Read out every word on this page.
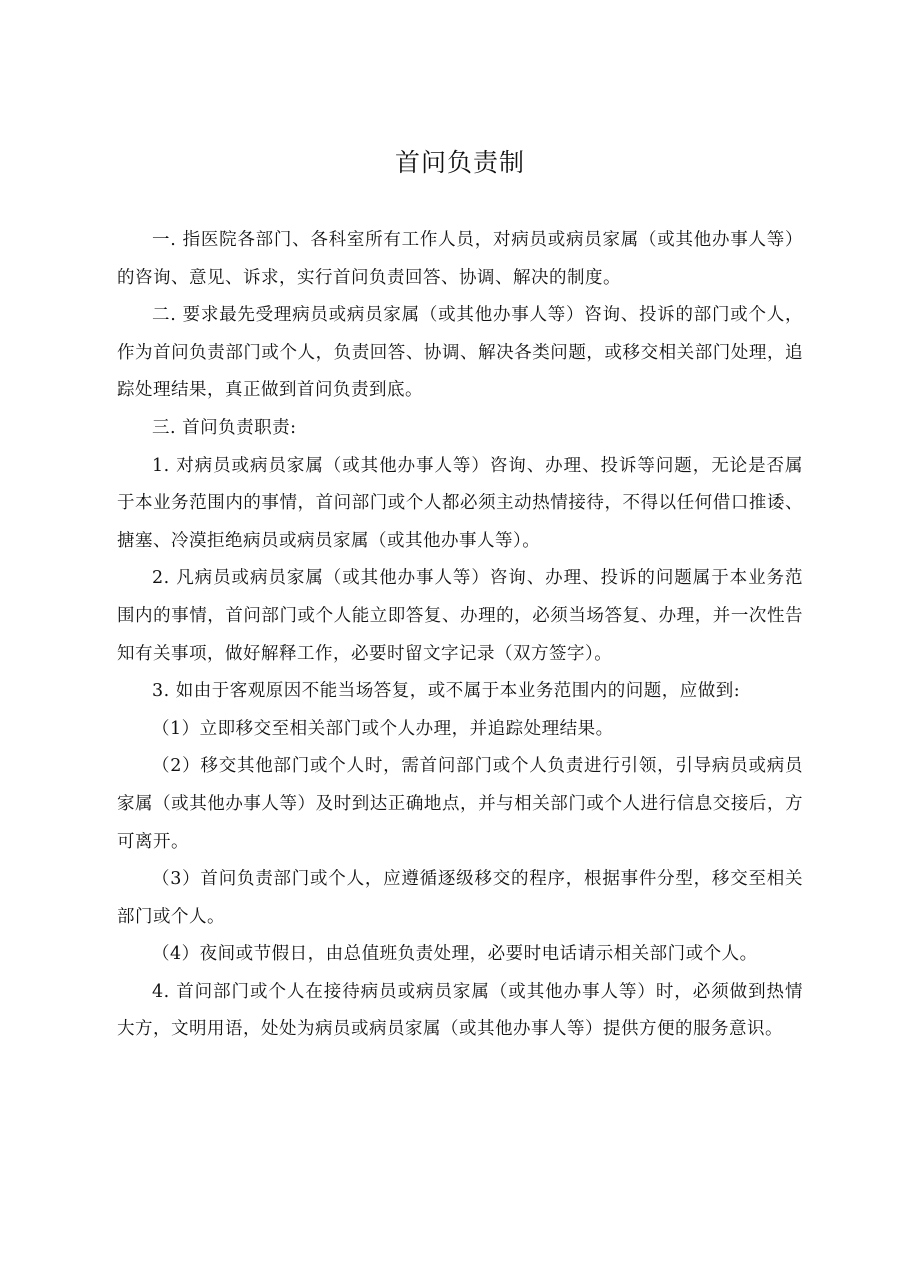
首问负责制

一. 指医院各部门、各科室所有工作人员，对病员或病员家属（或其他办事人等）的咨询、意见、诉求，实行首问负责回答、协调、解决的制度。

二. 要求最先受理病员或病员家属（或其他办事人等）咨询、投诉的部门或个人，作为首问负责部门或个人，负责回答、协调、解决各类问题，或移交相关部门处理，追踪处理结果，真正做到首问负责到底。

三. 首问负责职责:

1. 对病员或病员家属（或其他办事人等）咨询、办理、投诉等问题，无论是否属于本业务范围内的事情，首问部门或个人都必须主动热情接待，不得以任何借口推诿、搪塞、冷漠拒绝病员或病员家属（或其他办事人等）。

2. 凡病员或病员家属（或其他办事人等）咨询、办理、投诉的问题属于本业务范围内的事情，首问部门或个人能立即答复、办理的，必须当场答复、办理，并一次性告知有关事项，做好解释工作，必要时留文字记录（双方签字）。

3. 如由于客观原因不能当场答复，或不属于本业务范围内的问题，应做到:

（1）立即移交至相关部门或个人办理，并追踪处理结果。

（2）移交其他部门或个人时，需首问部门或个人负责进行引领，引导病员或病员家属（或其他办事人等）及时到达正确地点，并与相关部门或个人进行信息交接后，方可离开。

（3）首问负责部门或个人，应遵循逐级移交的程序，根据事件分型，移交至相关部门或个人。

（4）夜间或节假日，由总值班负责处理，必要时电话请示相关部门或个人。

4. 首问部门或个人在接待病员或病员家属（或其他办事人等）时，必须做到热情大方，文明用语，处处为病员或病员家属（或其他办事人等）提供方便的服务意识。
